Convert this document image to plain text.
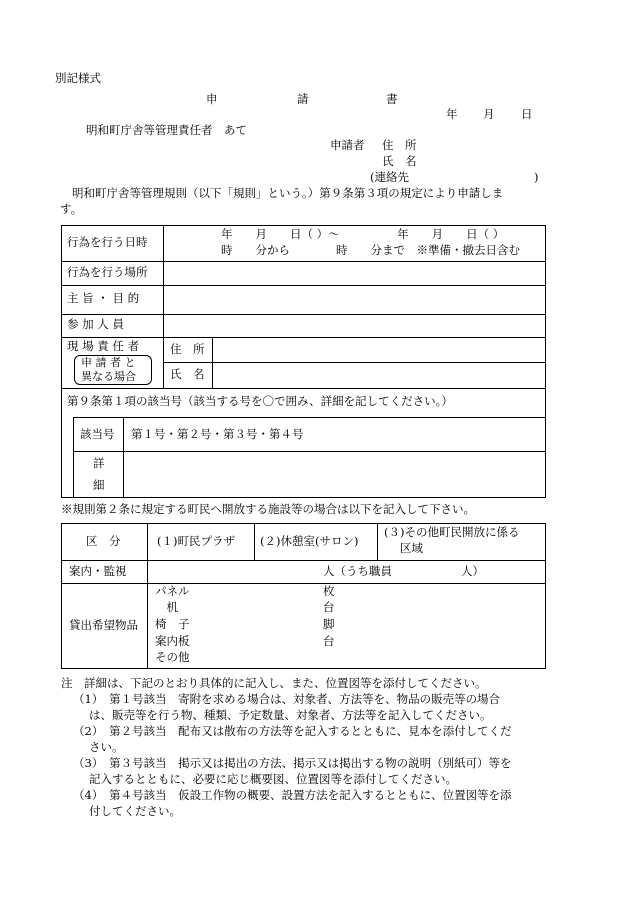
別記様式
申	請	書
年 月 日
明和町庁舎等管理責任者　あて
申請者 住　所
氏　名
(連絡先	)
明和町庁舎等管理規則（以下「規則」という。）第９条第３項の規定により申請しま
す。
行為を行う日時
年　　月　　日（ ）～　　　　　年　　月　　日（ ）
時　　分から　　　　時　　分まで　※準備・撤去日含む
行為を行う場所
主 旨 ・ 目 的
参 加 人 員
現 場 責 任 者
申 請 者 と
異なる場合
住　所
氏　名
第９条第１項の該当号（該当する号を〇で囲み、詳細を記してください。）
該当号 第１号・第２号・第３号・第４号
詳
細
※規則第２条に規定する町民へ開放する施設等の場合は以下を記入して下さい。
区　分	(１)町民プラザ (２)休憩室(サロン)
(３)その他町民開放に係る
区域
案内・監視	人（うち職員　　　　　　人）
貸出希望物品
パネル	枚
　机	台
椅　子	脚
案内板	台
その他
注　詳細は、下記のとおり具体的に記入し、また、位置図等を添付してください。
（1）　第１号該当　寄附を求める場合は、対象者、方法等を、物品の販売等の場合
は、販売等を行う物、種類、予定数量、対象者、方法等を記入してください。
（2）　第２号該当　配布又は散布の方法等を記入するとともに、見本を添付してくだ
さい。
（3）　第３号該当　掲示又は掲出の方法、掲示又は掲出する物の説明（別紙可）等を
記入するとともに、必要に応じ概要図、位置図等を添付してください。
（4）　第４号該当　仮設工作物の概要、設置方法を記入するとともに、位置図等を添
付してください。
